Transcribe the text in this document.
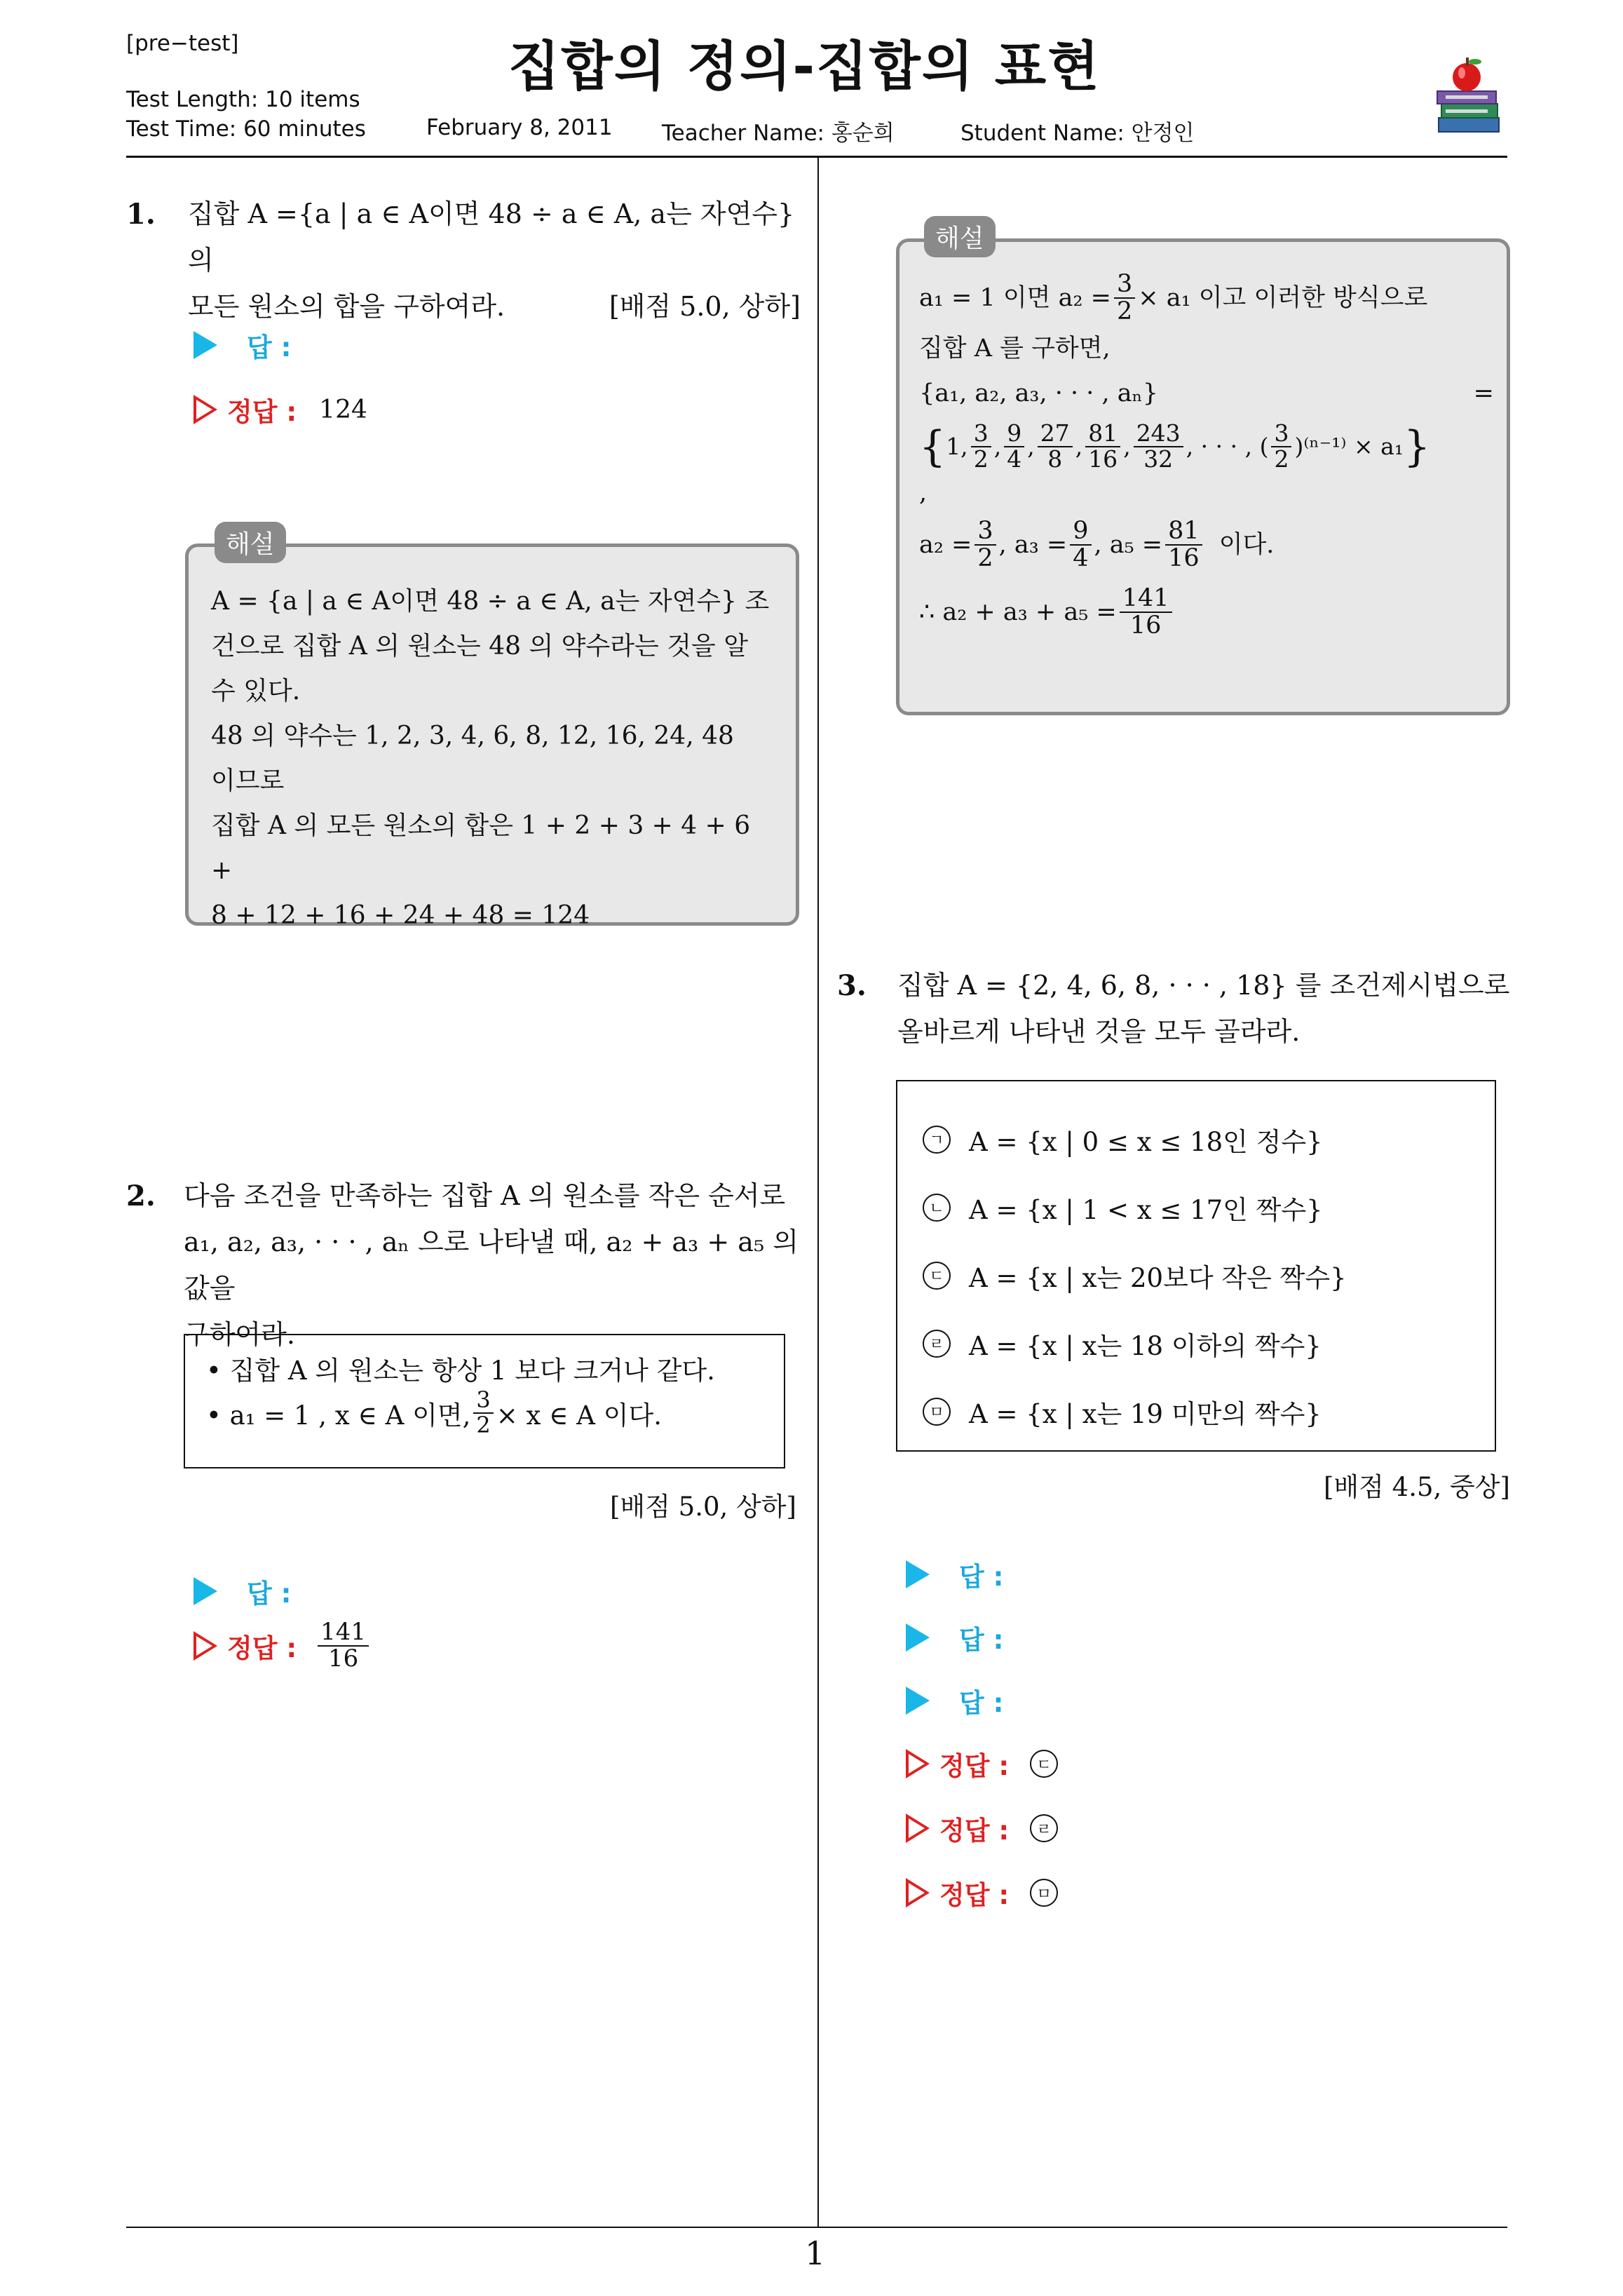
[pre−test]	집합의 정의-집합의 표현
Test Length: 10 items
Test Time: 60 minutes	February 8, 2011 Teacher Name: 홍순희	Student Name: 안정인
1
1. 집합 A ={a | a ∈ A이면 48 ÷ a ∈ A, a는 자연수} 의
모든 원소의 합을 구하여라.	[배점 5.0, 상하]
답 :
정답 : 124
A = {a | a ∈ A이면 48 ÷ a ∈ A, a는 자연수} 조
건으로 집합 A 의 원소는 48 의 약수라는 것을 알
수 있다.
48 의 약수는 1, 2, 3, 4, 6, 8, 12, 16, 24, 48
이므로
집합 A 의 모든 원소의 합은 1 + 2 + 3 + 4 + 6 +
8 + 12 + 16 + 24 + 48 = 124
해설
2. 다음 조건을 만족하는 집합 A 의 원소를 작은 순서로
a₁, a₂, a₃, · · · , aₙ 으로 나타낼 때, a₂ + a₃ + a₅ 의 값을
구하여라.
• 집합 A 의 원소는 항상 1 보다 크거나 같다.
• a₁ = 1 , x ∈ A 이면, $\frac{3}{2} \times x$ ∈ A 이다.
[배점 5.0, 상하]
답 :
정답 : $\frac{141}{16}$
a₁ = 1 이면 $a_2 = \frac{3}{2} \times a_1$ 이고 이러한 방식으로
집합 A 를 구하면,
{a₁, a₂, a₃, · · · , aₙ}	=
{ 1, $\frac{3}{2}$ , $\frac{9}{4}$ , $\frac{27}{8}$ , $\frac{81}{16}$ , $\frac{243}{32}$ , · · · , ( $\frac{3}{2} )^{(n-1)} \times a_1$ }
,
$a_2 = \frac{3}{2}$ , $a_3 = \frac{9}{4}$ , $a_5 = \frac{81}{16}$ 이다.
∴ $a_2 + a_3 + a_5 = \frac{141}{16}$
해설
3. 집합 A = {2, 4, 6, 8, · · · , 18} 를 조건제시법으로
올바르게 나타낸 것을 모두 골라라.
ㄱ A = {x | 0 ≤ x ≤ 18인 정수}
ㄴ A = {x | 1 < x ≤ 17인 짝수}
ㄷ A = {x | x는 20보다 작은 짝수}
ㄹ A = {x | x는 18 이하의 짝수}
ㅁ A = {x | x는 19 미만의 짝수}
[배점 4.5, 중상]
답 :
답 :
답 :
정답 :	ㄷ
정답 :	ㄹ
정답 :	ㅁ
